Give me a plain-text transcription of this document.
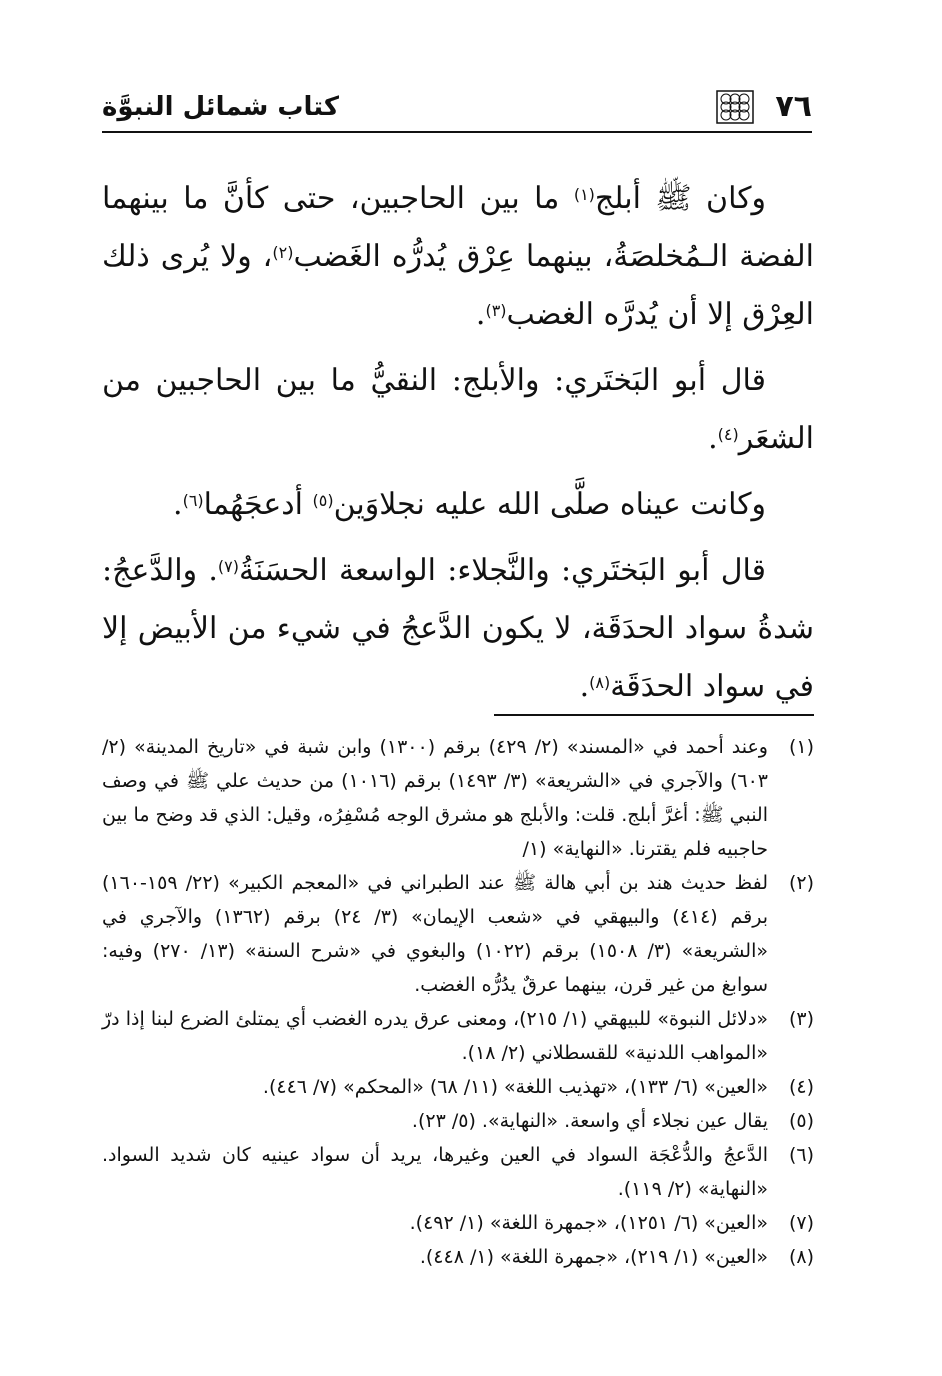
٧٦
كتاب شمائل النبوَّة

وكان ﷺ أبلج$^{(١)}$ ما بين الحاجبين، حتى كأنَّ ما بينهما الفضة الـمُخلصَةُ، بينهما عِرْق يُدرُّه الغَضب$^{(٢)}$، ولا يُرى ذلك العِرْق إلا أن يُدرَّه الغضب$^{(٣)}$.

قال أبو البَختَري: والأبلج: النقيُّ ما بين الحاجبين من الشعَر$^{(٤)}$.

وكانت عيناه صلَّى الله عليه نجلاوَين$^{(٥)}$ أدعجَهُما$^{(٦)}$.

قال أبو البَختَري: والنَّجلاء: الواسعة الحسَنَةُ$^{(٧)}$. والدَّعجُ: شدةُ سواد الحدَقَة، لا يكون الدَّعجُ في شيء من الأبيض إلا في سواد الحدَقَة$^{(٨)}$.

(١)
وعند أحمد في «المسند» (٢/ ٤٢٩) برقم (١٣٠٠) وابن شبة في «تاريخ المدينة» (٢/ ٦٠٣) والآجري في «الشريعة» (٣/ ١٤٩٣) برقم (١٠١٦) من حديث علي ﷺ في وصف النبي ﷺ: أغرَّ أبلج. قلت: والأبلج هو مشرق الوجه مُسْفِرُه، وقيل: الذي قد وضح ما بين حاجبيه فلم يقترنا. «النهاية» (١/
(٢)
لفظ حديث هند بن أبي هالة ﷺ عند الطبراني في «المعجم الكبير» (٢٢/ ١٥٩-١٦٠) برقم (٤١٤) والبيهقي في «شعب الإيمان» (٣/ ٢٤) برقم (١٣٦٢) والآجري في «الشريعة» (٣/ ١٥٠٨) برقم (١٠٢٢) والبغوي في «شرح السنة» (١٣/ ٢٧٠) وفيه: سوابغ من غير قرن، بينهما عرقٌ يدُرُّه الغضب.
(٣)
«دلائل النبوة» للبيهقي (١/ ٢١٥)، ومعنى عرق يدره الغضب أي يمتلئ الضرع لبنا إذا درّ «المواهب اللدنية» للقسطلاني (٢/ ١٨).
(٤)
«العين» (٦/ ١٣٣)، «تهذيب اللغة» (١١/ ٦٨) «المحكم» (٧/ ٤٤٦).
(٥)
يقال عين نجلاء أي واسعة. «النهاية». (٥/ ٢٣).
(٦)
الدَّعجُ والدُّعْجَة السواد في العين وغيرها، يريد أن سواد عينيه كان شديد السواد. «النهاية» (٢/ ١١٩).
(٧)
«العين» (٦/ ١٢٥١)، «جمهرة اللغة» (١/ ٤٩٢).
(٨)
«العين» (١/ ٢١٩)، «جمهرة اللغة» (١/ ٤٤٨).
